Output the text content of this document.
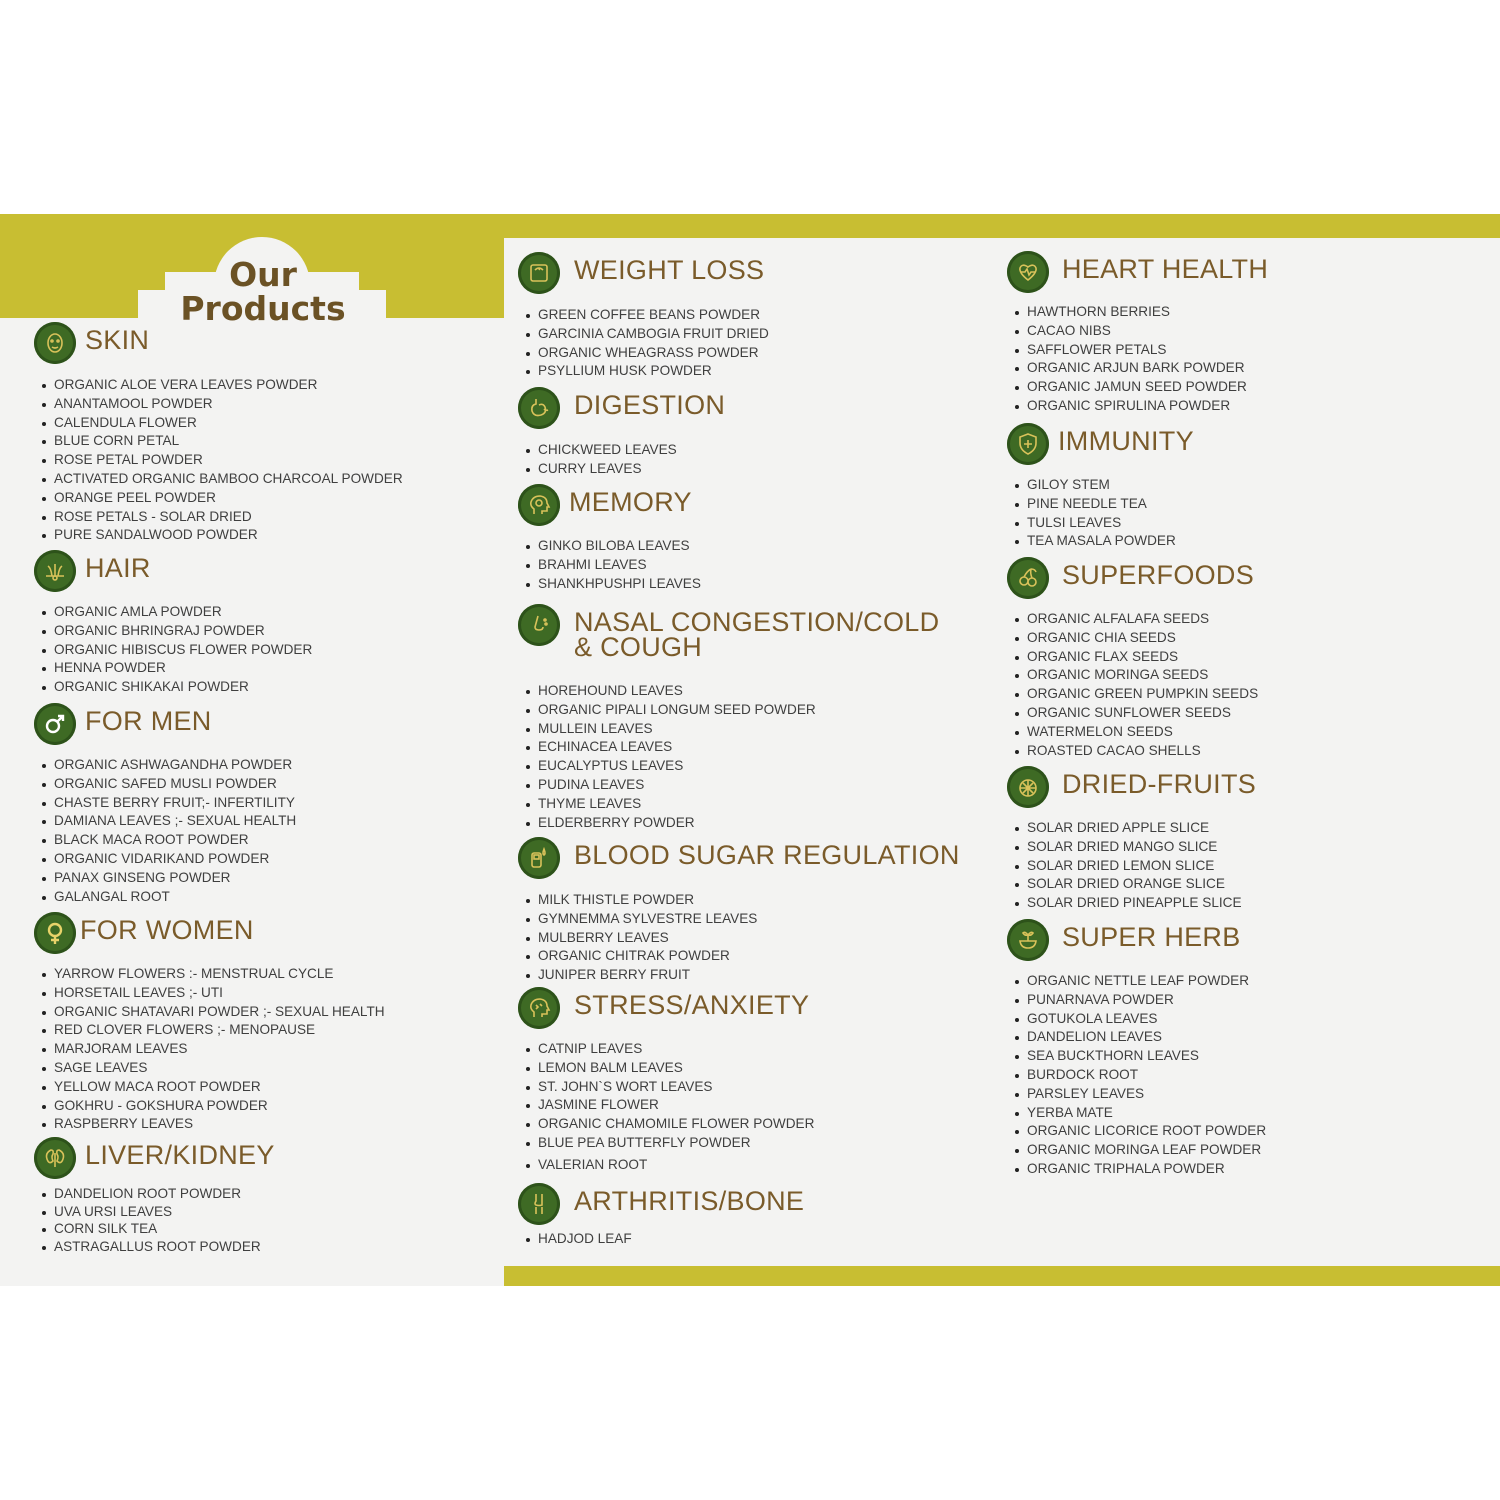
Our Products
SKIN
ORGANIC ALOE VERA LEAVES POWDER
ANANTAMOOL POWDER
CALENDULA FLOWER
BLUE CORN PETAL
ROSE PETAL POWDER
ACTIVATED ORGANIC BAMBOO CHARCOAL POWDER
ORANGE PEEL POWDER
ROSE PETALS - SOLAR DRIED
PURE SANDALWOOD POWDER
HAIR
ORGANIC AMLA POWDER
ORGANIC BHRINGRAJ POWDER
ORGANIC HIBISCUS FLOWER POWDER
HENNA POWDER
ORGANIC SHIKAKAI POWDER
FOR MEN
ORGANIC ASHWAGANDHA POWDER
ORGANIC SAFED MUSLI POWDER
CHASTE BERRY FRUIT;- INFERTILITY
DAMIANA LEAVES ;- SEXUAL HEALTH
BLACK MACA ROOT POWDER
ORGANIC VIDARIKAND POWDER
PANAX GINSENG POWDER
GALANGAL ROOT
FOR WOMEN
YARROW FLOWERS :- MENSTRUAL CYCLE
HORSETAIL LEAVES ;- UTI
ORGANIC SHATAVARI POWDER ;- SEXUAL HEALTH
RED CLOVER FLOWERS ;- MENOPAUSE
MARJORAM LEAVES
SAGE LEAVES
YELLOW MACA ROOT POWDER
GOKHRU - GOKSHURA POWDER
RASPBERRY LEAVES
LIVER/KIDNEY
DANDELION ROOT POWDER
UVA URSI LEAVES
CORN SILK TEA
ASTRAGALLUS ROOT POWDER
WEIGHT LOSS
GREEN COFFEE BEANS POWDER
GARCINIA CAMBOGIA FRUIT DRIED
ORGANIC WHEAGRASS POWDER
PSYLLIUM HUSK POWDER
DIGESTION
CHICKWEED LEAVES
CURRY LEAVES
MEMORY
GINKO BILOBA LEAVES
BRAHMI LEAVES
SHANKHPUSHPI LEAVES
NASAL CONGESTION/COLD & COUGH
HOREHOUND LEAVES
ORGANIC PIPALI LONGUM SEED POWDER
MULLEIN LEAVES
ECHINACEA LEAVES
EUCALYPTUS LEAVES
PUDINA LEAVES
THYME LEAVES
ELDERBERRY POWDER
BLOOD SUGAR REGULATION
MILK THISTLE POWDER
GYMNEMMA SYLVESTRE LEAVES
MULBERRY LEAVES
ORGANIC CHITRAK POWDER
JUNIPER BERRY FRUIT
STRESS/ANXIETY
CATNIP LEAVES
LEMON BALM LEAVES
ST. JOHN`S WORT LEAVES
JASMINE FLOWER
ORGANIC CHAMOMILE FLOWER POWDER
BLUE PEA BUTTERFLY POWDER
VALERIAN ROOT
ARTHRITIS/BONE
HADJOD LEAF
HEART HEALTH
HAWTHORN BERRIES
CACAO NIBS
SAFFLOWER PETALS
ORGANIC ARJUN BARK POWDER
ORGANIC JAMUN SEED POWDER
ORGANIC SPIRULINA POWDER
IMMUNITY
GILOY STEM
PINE NEEDLE TEA
TULSI LEAVES
TEA MASALA POWDER
SUPERFOODS
ORGANIC ALFALAFA SEEDS
ORGANIC CHIA SEEDS
ORGANIC FLAX SEEDS
ORGANIC MORINGA SEEDS
ORGANIC GREEN PUMPKIN SEEDS
ORGANIC SUNFLOWER SEEDS
WATERMELON SEEDS
ROASTED CACAO SHELLS
DRIED-FRUITS
SOLAR DRIED APPLE SLICE
SOLAR DRIED MANGO SLICE
SOLAR DRIED LEMON SLICE
SOLAR DRIED ORANGE SLICE
SOLAR DRIED PINEAPPLE SLICE
SUPER HERB
ORGANIC NETTLE LEAF POWDER
PUNARNAVA POWDER
GOTUKOLA LEAVES
DANDELION LEAVES
SEA BUCKTHORN LEAVES
BURDOCK ROOT
PARSLEY LEAVES
YERBA MATE
ORGANIC LICORICE ROOT POWDER
ORGANIC MORINGA LEAF POWDER
ORGANIC TRIPHALA POWDER
